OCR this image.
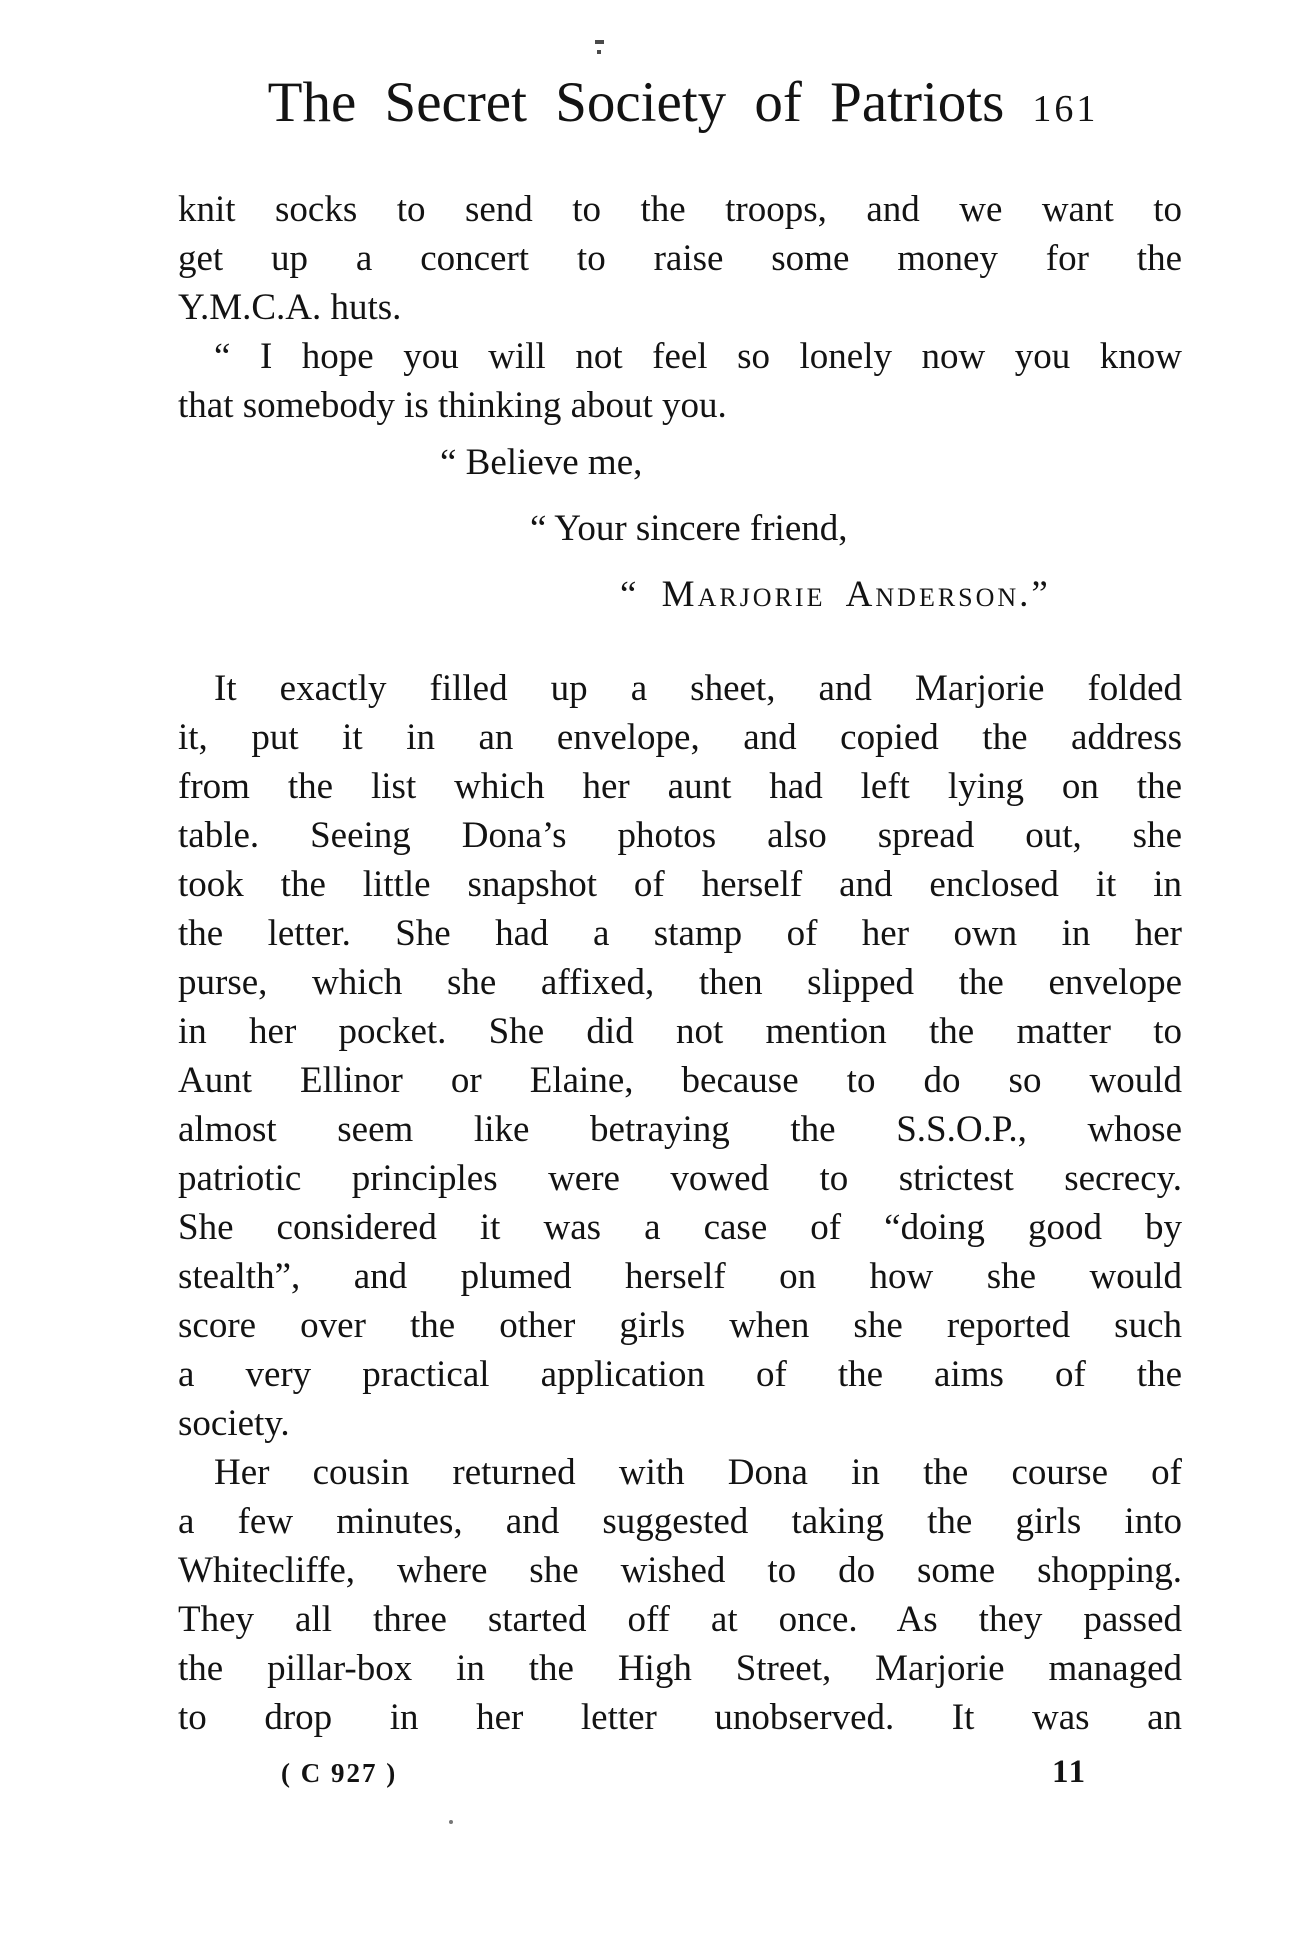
The Secret Society of Patriots 161
knit socks to send to the troops, and we want to
get up a concert to raise some money for the
Y.M.C.A. huts.
“ I hope you will not feel so lonely now you know
that somebody is thinking about you.
“ Believe me,
“ Your sincere friend,
“ Marjorie Anderson.”
It exactly filled up a sheet, and Marjorie folded
it, put it in an envelope, and copied the address
from the list which her aunt had left lying on the
table. Seeing Dona’s photos also spread out, she
took the little snapshot of herself and enclosed it in
the letter. She had a stamp of her own in her
purse, which she affixed, then slipped the envelope
in her pocket. She did not mention the matter to
Aunt Ellinor or Elaine, because to do so would
almost seem like betraying the S.S.O.P., whose
patriotic principles were vowed to strictest secrecy.
She considered it was a case of “doing good by
stealth”, and plumed herself on how she would
score over the other girls when she reported such
a very practical application of the aims of the
society.
Her cousin returned with Dona in the course of
a few minutes, and suggested taking the girls into
Whitecliffe, where she wished to do some shopping.
They all three started off at once. As they passed
the pillar-box in the High Street, Marjorie managed
to drop in her letter unobserved. It was an
( C 927 )	11
